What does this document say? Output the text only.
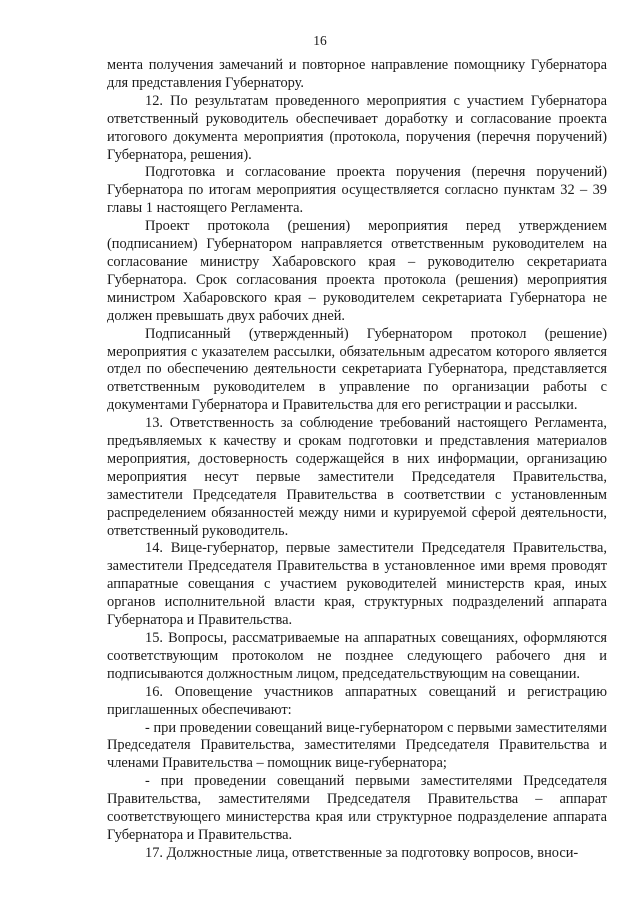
16

мента получения замечаний и повторное направление помощнику Губернатора для представления Губернатору.

12. По результатам проведенного мероприятия с участием Губернатора ответственный руководитель обеспечивает доработку и согласование проекта итогового документа мероприятия (протокола, поручения (перечня поручений) Губернатора, решения).

Подготовка и согласование проекта поручения (перечня поручений) Губернатора по итогам мероприятия осуществляется согласно пунктам 32 – 39 главы 1 настоящего Регламента.

Проект протокола (решения) мероприятия перед утверждением (подписанием) Губернатором направляется ответственным руководителем на согласование министру Хабаровского края – руководителю секретариата Губернатора. Срок согласования проекта протокола (решения) мероприятия министром Хабаровского края – руководителем секретариата Губернатора не должен превышать двух рабочих дней.

Подписанный (утвержденный) Губернатором протокол (решение) мероприятия с указателем рассылки, обязательным адресатом которого является отдел по обеспечению деятельности секретариата Губернатора, представляется ответственным руководителем в управление по организации работы с документами Губернатора и Правительства для его регистрации и рассылки.

13. Ответственность за соблюдение требований настоящего Регламента, предъявляемых к качеству и срокам подготовки и представления материалов мероприятия, достоверность содержащейся в них информации, организацию мероприятия несут первые заместители Председателя Правительства, заместители Председателя Правительства в соответствии с установленным распределением обязанностей между ними и курируемой сферой деятельности, ответственный руководитель.

14. Вице-губернатор, первые заместители Председателя Правительства, заместители Председателя Правительства в установленное ими время проводят аппаратные совещания с участием руководителей министерств края, иных органов исполнительной власти края, структурных подразделений аппарата Губернатора и Правительства.

15. Вопросы, рассматриваемые на аппаратных совещаниях, оформляются соответствующим протоколом не позднее следующего рабочего дня и подписываются должностным лицом, председательствующим на совещании.

16. Оповещение участников аппаратных совещаний и регистрацию приглашенных обеспечивают:

- при проведении совещаний вице-губернатором с первыми заместителями Председателя Правительства, заместителями Председателя Правительства и членами Правительства – помощник вице-губернатора;

- при проведении совещаний первыми заместителями Председателя Правительства, заместителями Председателя Правительства – аппарат соответствующего министерства края или структурное подразделение аппарата Губернатора и Правительства.

17. Должностные лица, ответственные за подготовку вопросов, вноси-
